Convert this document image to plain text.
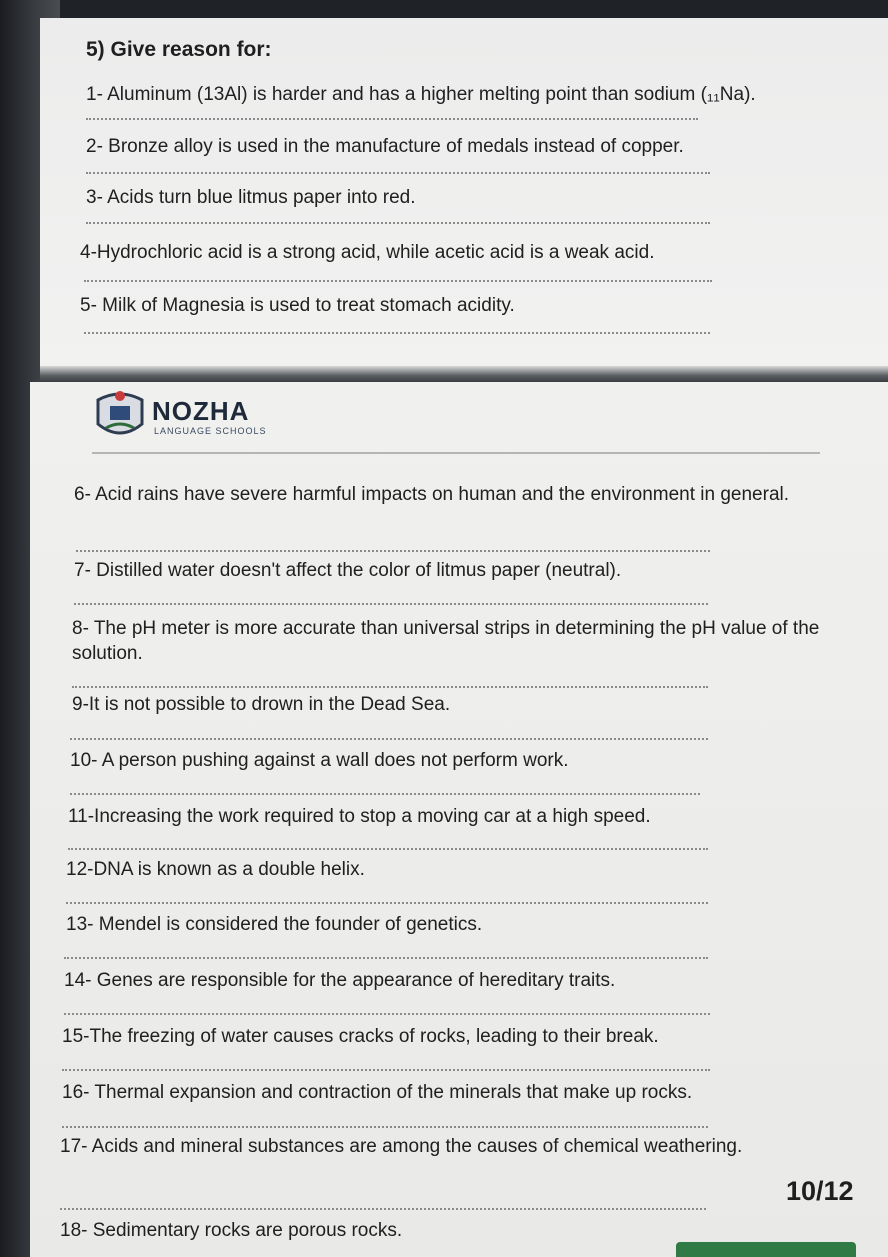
5) Give reason for:

1- Aluminum (13Al) is harder and has a higher melting point than sodium (₁₁Na).

2- Bronze alloy is used in the manufacture of medals instead of copper.

3- Acids turn blue litmus paper into red.

4-Hydrochloric acid is a strong acid, while acetic acid is a weak acid.

5- Milk of Magnesia is used to treat stomach acidity.

NOZHA
LANGUAGE SCHOOLS

6- Acid rains have severe harmful impacts on human and the environment in general.

7- Distilled water doesn't affect the color of litmus paper (neutral).

8- The pH meter is more accurate than universal strips in determining the pH value of the solution.

9-It is not possible to drown in the Dead Sea.

10- A person pushing against a wall does not perform work.

11-Increasing the work required to stop a moving car at a high speed.

12-DNA is known as a double helix.

13- Mendel is considered the founder of genetics.

14- Genes are responsible for the appearance of hereditary traits.

15-The freezing of water causes cracks of rocks, leading to their break.

16- Thermal expansion and contraction of the minerals that make up rocks.

17- Acids and mineral substances are among the causes of chemical weathering.

18- Sedimentary rocks are porous rocks.

10/12
